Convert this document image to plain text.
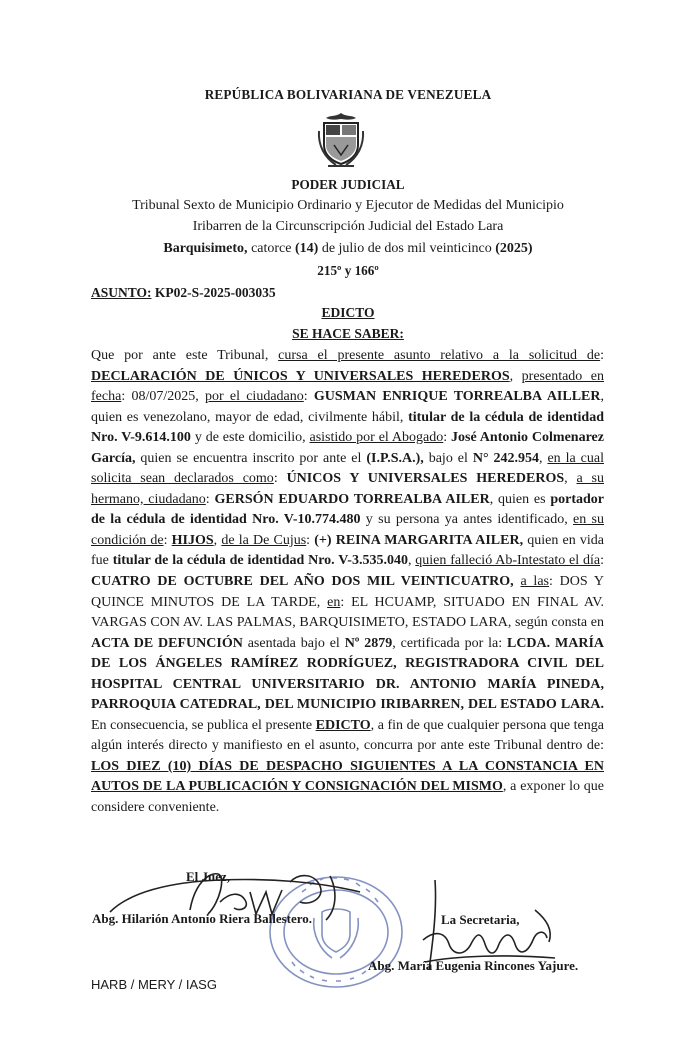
REPÚBLICA BOLIVARIANA DE VENEZUELA
PODER JUDICIAL
Tribunal Sexto de Municipio Ordinario y Ejecutor de Medidas del Municipio
Iribarren de la Circunscripción Judicial del Estado Lara
Barquisimeto, catorce (14) de julio de dos mil veinticinco (2025)
215º y 166º
ASUNTO: KP02-S-2025-003035
EDICTO
SE HACE SABER:
Que por ante este Tribunal, cursa el presente asunto relativo a la solicitud de: DECLARACIÓN DE ÚNICOS Y UNIVERSALES HEREDEROS, presentado en fecha: 08/07/2025, por el ciudadano: GUSMAN ENRIQUE TORREALBA AILLER, quien es venezolano, mayor de edad, civilmente hábil, titular de la cédula de identidad Nro. V-9.614.100 y de este domicilio, asistido por el Abogado: José Antonio Colmenarez García, quien se encuentra inscrito por ante el (I.P.S.A.), bajo el N° 242.954, en la cual solicita sean declarados como: ÚNICOS Y UNIVERSALES HEREDEROS, a su hermano, ciudadano: GERSÓN EDUARDO TORREALBA AILER, quien es portador de la cédula de identidad Nro. V-10.774.480 y su persona ya antes identificado, en su condición de: HIJOS, de la De Cujus: (+) REINA MARGARITA AILER, quien en vida fue titular de la cédula de identidad Nro. V-3.535.040, quien falleció Ab-Intestato el día: CUATRO DE OCTUBRE DEL AÑO DOS MIL VEINTICUATRO, a las: DOS Y QUINCE MINUTOS DE LA TARDE, en: EL HCUAMP, SITUADO EN FINAL AV. VARGAS CON AV. LAS PALMAS, BARQUISIMETO, ESTADO LARA, según consta en ACTA DE DEFUNCIÓN asentada bajo el Nº 2879, certificada por la: LCDA. MARÍA DE LOS ÁNGELES RAMÍREZ RODRÍGUEZ, REGISTRADORA CIVIL DEL HOSPITAL CENTRAL UNIVERSITARIO DR. ANTONIO MARÍA PINEDA, PARROQUIA CATEDRAL, DEL MUNICIPIO IRIBARREN, DEL ESTADO LARA. En consecuencia, se publica el presente EDICTO, a fin de que cualquier persona que tenga algún interés directo y manifiesto en el asunto, concurra por ante este Tribunal dentro de: LOS DIEZ (10) DÍAS DE DESPACHO SIGUIENTES A LA CONSTANCIA EN AUTOS DE LA PUBLICACIÓN Y CONSIGNACIÓN DEL MISMO, a exponer lo que considere conveniente.
El Juez,
Abg. Hilarión Antonio Riera Ballestero.	La Secretaria,
Abg. María Eugenia Rincones Yajure.
HARB / MERY / IASG
